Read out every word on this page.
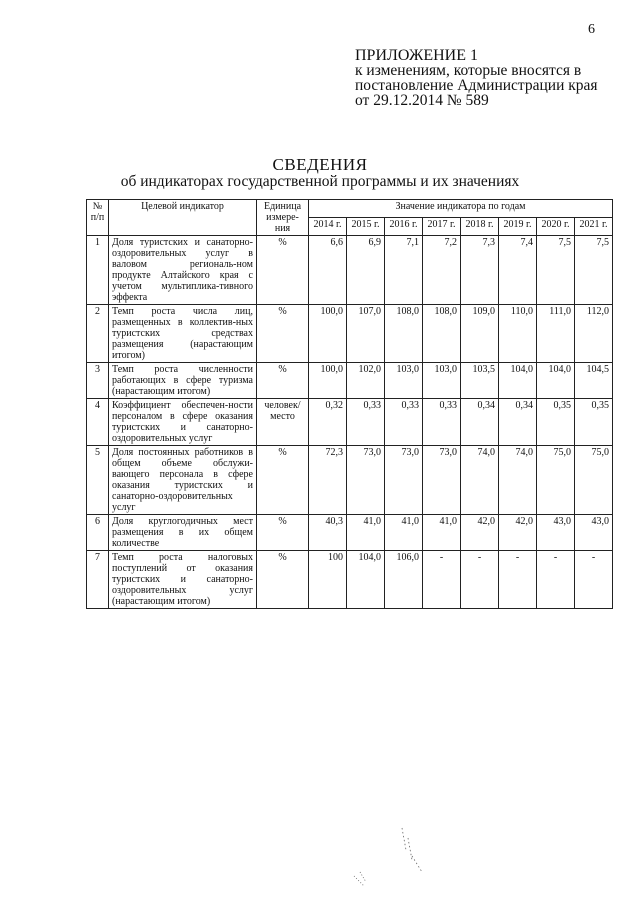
6
ПРИЛОЖЕНИЕ 1
к изменениям, которые вносятся в
постановление Администрации края
от 29.12.2014 № 589
СВЕДЕНИЯ
об индикаторах государственной программы и их значениях
№ п/п	Целевой индикатор	Единица измере-ния	Значение индикатора по годам							
			2014 г.	2015 г.	2016 г.	2017 г.	2018 г.	2019 г.	2020 г.	2021 г.
1	Доля туристских и санаторно-оздоровительных услуг в валовом региональ-ном продукте Алтайского края с учетом мультиплика-тивного эффекта	%	6,6	6,9	7,1	7,2	7,3	7,4	7,5	7,5
2	Темп роста числа лиц, размещенных в коллектив-ных туристских средствах размещения (нарастающим итогом)	%	100,0	107,0	108,0	108,0	109,0	110,0	111,0	112,0
3	Темп роста численности работающих в сфере туризма (нарастающим итогом)	%	100,0	102,0	103,0	103,0	103,5	104,0	104,0	104,5
4	Коэффициент обеспечен-ности персоналом в сфере оказания туристских и санаторно-оздоровительных услуг	человек/ место	0,32	0,33	0,33	0,33	0,34	0,34	0,35	0,35
5	Доля постоянных работников в общем объеме обслужи-вающего персонала в сфере оказания туристских и санаторно-оздоровительных услуг	%	72,3	73,0	73,0	73,0	74,0	74,0	75,0	75,0
6	Доля круглогодичных мест размещения в их общем количестве	%	40,3	41,0	41,0	41,0	42,0	42,0	43,0	43,0
7	Темп роста налоговых поступлений от оказания туристских и санаторно-оздоровительных услуг (нарастающим итогом)	%	100	104,0	106,0	-	-	-	-	-
